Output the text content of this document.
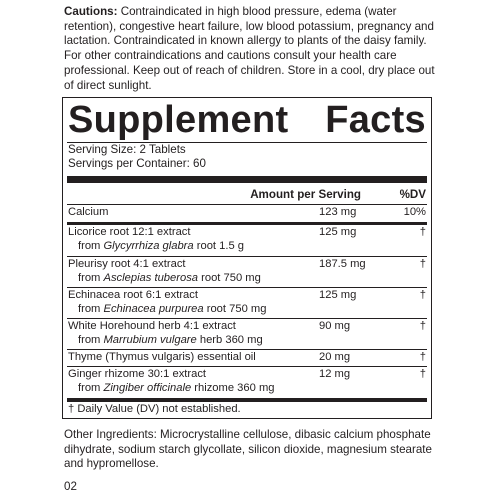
Cautions: Contraindicated in high blood pressure, edema (water retention), congestive heart failure, low blood potassium, pregnancy and lactation. Contraindicated in known allergy to plants of the daisy family. For other contraindications and cautions consult your health care professional. Keep out of reach of children. Store in a cool, dry place out of direct sunlight.
Supplement Facts
Serving Size: 2 Tablets
Servings per Container: 60
Amount per Serving	%DV
Calcium	123 mg	10%
Licorice root 12:1 extract
from Glycyrrhiza glabra root 1.5 g
125 mg	†
Pleurisy root 4:1 extract
from Asclepias tuberosa root 750 mg
187.5 mg	†
Echinacea root 6:1 extract
from Echinacea purpurea root 750 mg
125 mg	†
White Horehound herb 4:1 extract
from Marrubium vulgare herb 360 mg
90 mg	†
Thyme (Thymus vulgaris) essential oil	20 mg	†
Ginger rhizome 30:1 extract
from Zingiber officinale rhizome 360 mg
12 mg	†
† Daily Value (DV) not established.
Other Ingredients: Microcrystalline cellulose, dibasic calcium phosphate dihydrate, sodium starch glycollate, silicon dioxide, magnesium stearate and hypromellose.
02
